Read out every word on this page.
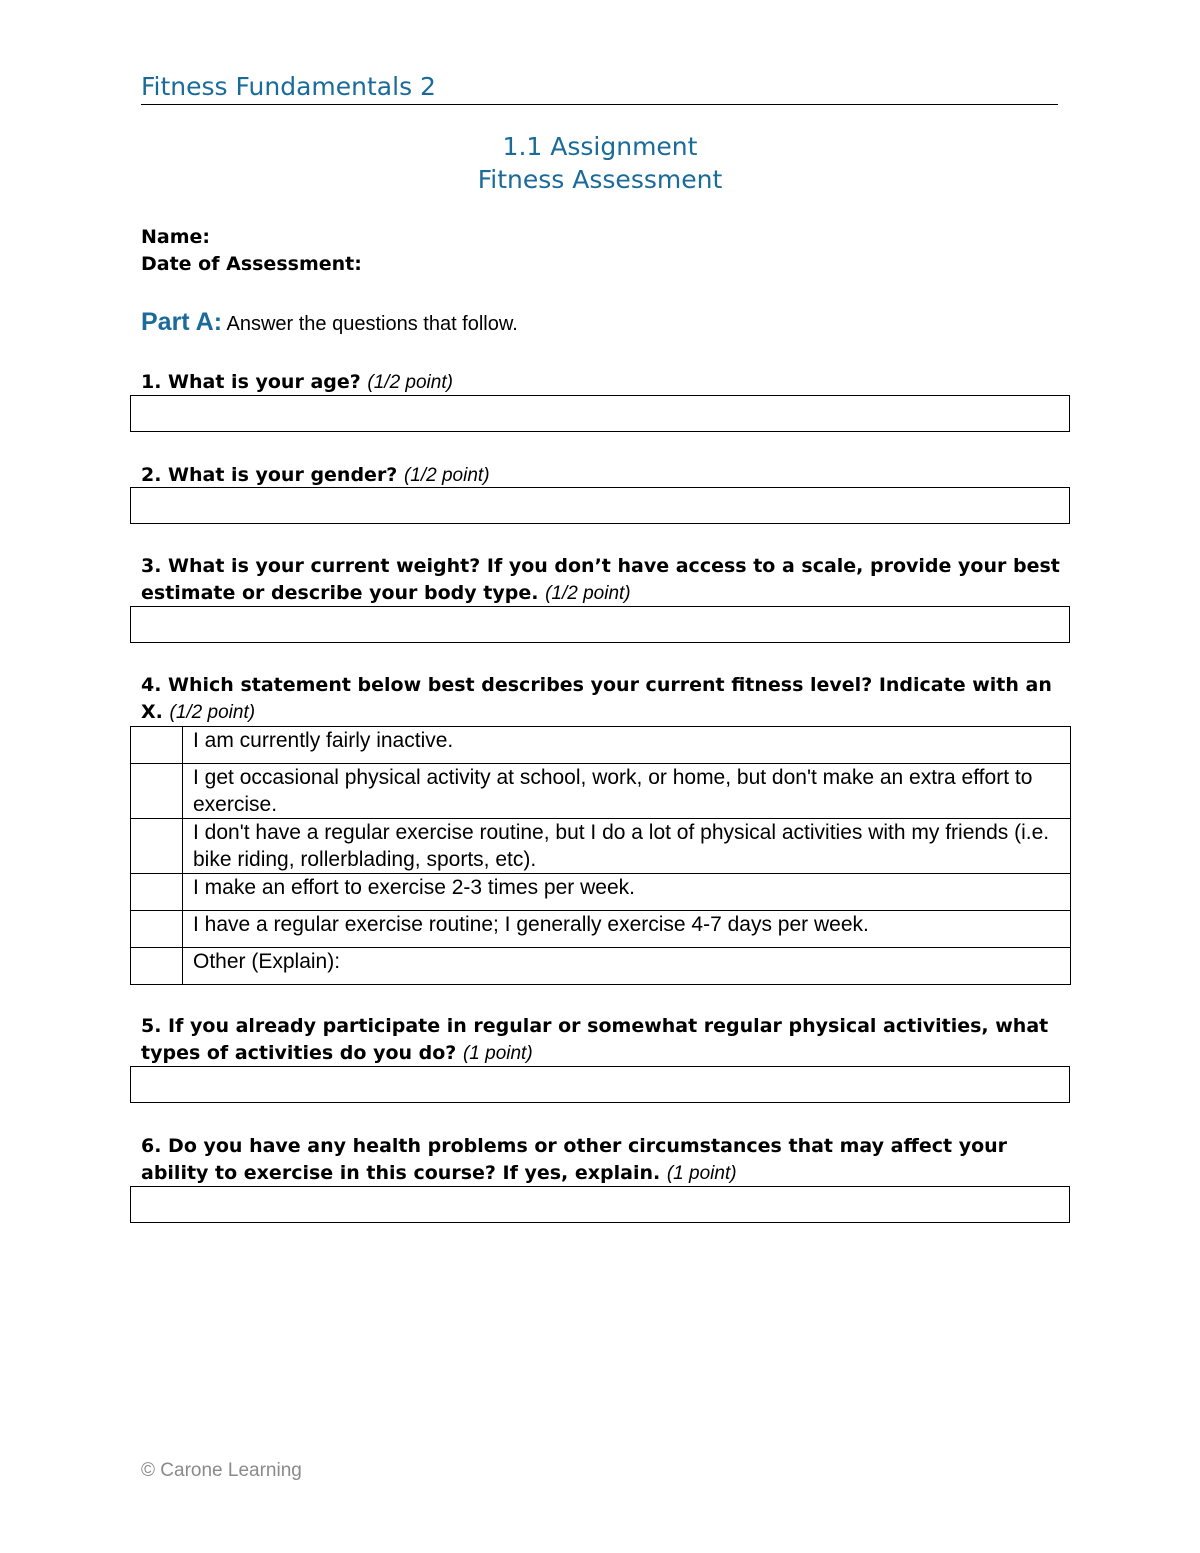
Fitness Fundamentals 2
1.1 Assignment
Fitness Assessment
Name:
Date of Assessment:
Part A: Answer the questions that follow.
1. What is your age? (1/2 point)
2. What is your gender? (1/2 point)
3. What is your current weight? If you don’t have access to a scale, provide your best estimate or describe your body type. (1/2 point)
4. Which statement below best describes your current fitness level? Indicate with an X. (1/2 point)
	I am currently fairly inactive.
	I get occasional physical activity at school, work, or home, but don't make an extra effort to exercise.
	I don't have a regular exercise routine, but I do a lot of physical activities with my friends (i.e. bike riding, rollerblading, sports, etc).
	I make an effort to exercise 2-3 times per week.
	I have a regular exercise routine; I generally exercise 4-7 days per week.
	Other (Explain):
5. If you already participate in regular or somewhat regular physical activities, what types of activities do you do? (1 point)
6. Do you have any health problems or other circumstances that may affect your ability to exercise in this course? If yes, explain. (1 point)
© Carone Learning
